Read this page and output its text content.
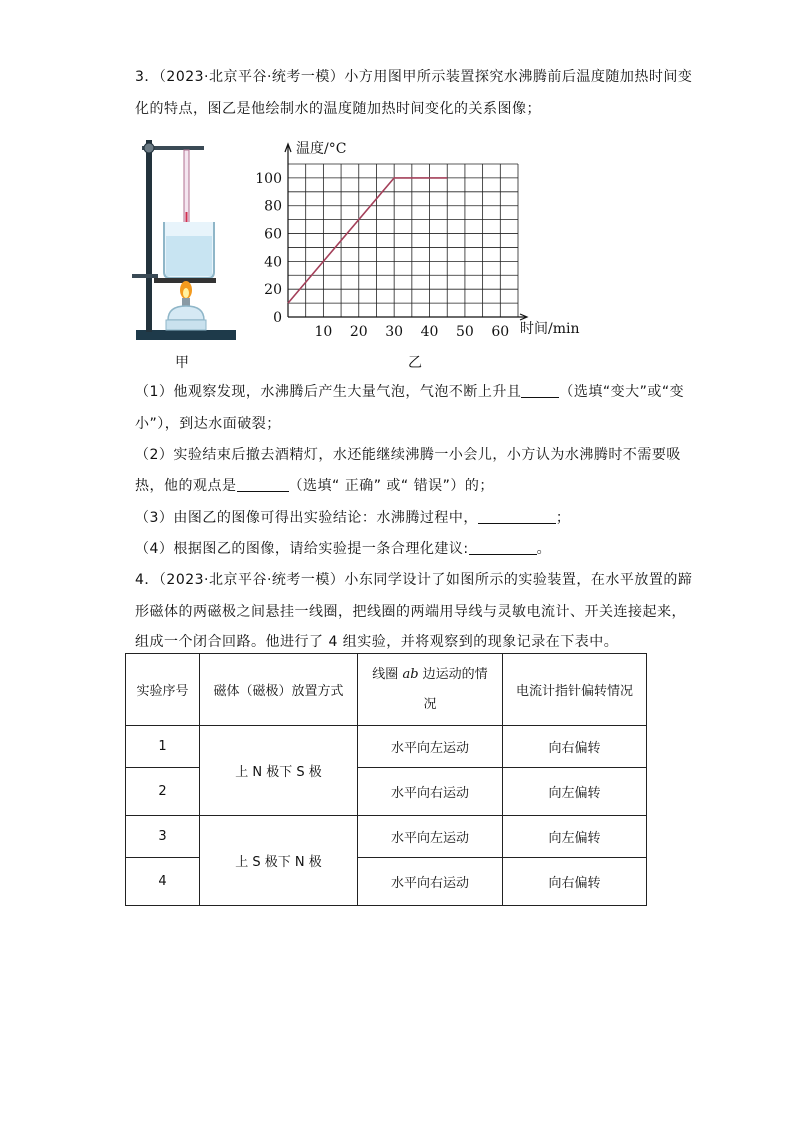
3．（2023·北京平谷·统考一模）小方用图甲所示装置探究水沸腾前后温度随加热时间变
化的特点，图乙是他绘制水的温度随加热时间变化的关系图像；
甲
0
20
40
60
80
100
10 20 30 40 50 60
温度/°C
时间/min
乙
（1）他观察发现，水沸腾后产生大量气泡，气泡不断上升且	（选填“变大”或“变
小”），到达水面破裂；
（2）实验结束后撤去酒精灯，水还能继续沸腾一小会儿，小方认为水沸腾时不需要吸
热，他的观点是	（选填“ 正确” 或“ 错误”）的；
（3）由图乙的图像可得出实验结论：水沸腾过程中，	；
（4）根据图乙的图像，请给实验提一条合理化建议:	。
4．（2023·北京平谷·统考一模）小东同学设计了如图所示的实验装置，在水平放置的蹄
形磁体的两磁极之间悬挂一线圈，把线圈的两端用导线与灵敏电流计、开关连接起来，
组成一个闭合回路。他进行了 4 组实验，并将观察到的现象记录在下表中。
实验序号	磁体（磁极）放置方式	线圈 ab 边运动的情
况	电流计指针偏转情况
1	上 N 极下 S 极	水平向左运动	向右偏转
2		水平向右运动	向左偏转
3	上 S 极下 N 极	水平向左运动	向左偏转
4		水平向右运动	向右偏转
